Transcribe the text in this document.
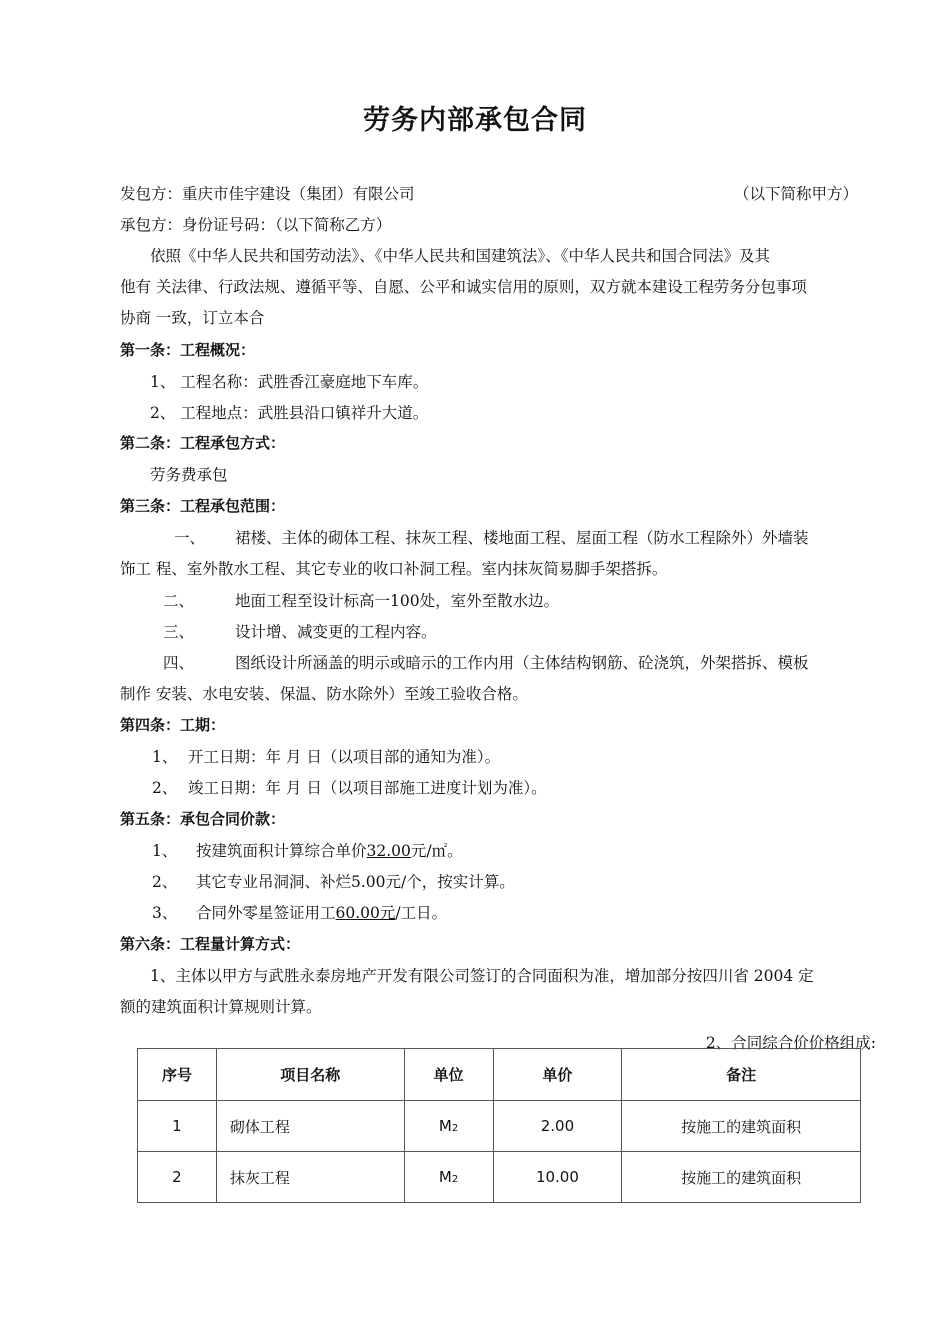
劳务内部承包合同
发包方：重庆市佳宇建设（集团）有限公司	（以下简称甲方）
承包方：身份证号码：（以下简称乙方）
依照《中华人民共和国劳动法》、《中华人民共和国建筑法》、《中华人民共和国合同法》及其
他有 关法律、行政法规、遵循平等、自愿、公平和诚实信用的原则，双方就本建设工程劳务分包事项
协商 一致，订立本合
第一条：工程概况：
1、 工程名称：武胜香江豪庭地下车库。
2、 工程地点：武胜县沿口镇祥升大道。
第二条：工程承包方式：
劳务费承包
第三条：工程承包范围：
一、 裙楼、主体的砌体工程、抹灰工程、楼地面工程、屋面工程（防水工程除外）外墙装
饰工 程、室外散水工程、其它专业的收口补洞工程。室内抹灰简易脚手架搭拆。
二、	地面工程至设计标高一100处，室外至散水边。
三、	设计增、减变更的工程内容。
四、	图纸设计所涵盖的明示或暗示的工作内用（主体结构钢筋、砼浇筑，外架搭拆、模板
制作 安装、水电安装、保温、防水除外）至竣工验收合格。
第四条：工期：
1、 开工日期：年 月 日（以项目部的通知为准）。
2、 竣工日期：年 月 日（以项目部施工进度计划为准）。
第五条：承包合同价款：
1、 按建筑面积计算综合单价32.00元/㎡。
2、 其它专业吊洞洞、补烂5.00元/个，按实计算。
3、 合同外零星签证用工60.00元/工日。
第六条：工程量计算方式：
1、主体以甲方与武胜永泰房地产开发有限公司签订的合同面积为准，增加部分按四川省 2004 定
额的建筑面积计算规则计算。
2、合同综合价价格组成:
序号	项目名称	单位	单价	备注
1	砌体工程	M2	2.00	按施工的建筑面积
2	抹灰工程	M2	10.00	按施工的建筑面积
